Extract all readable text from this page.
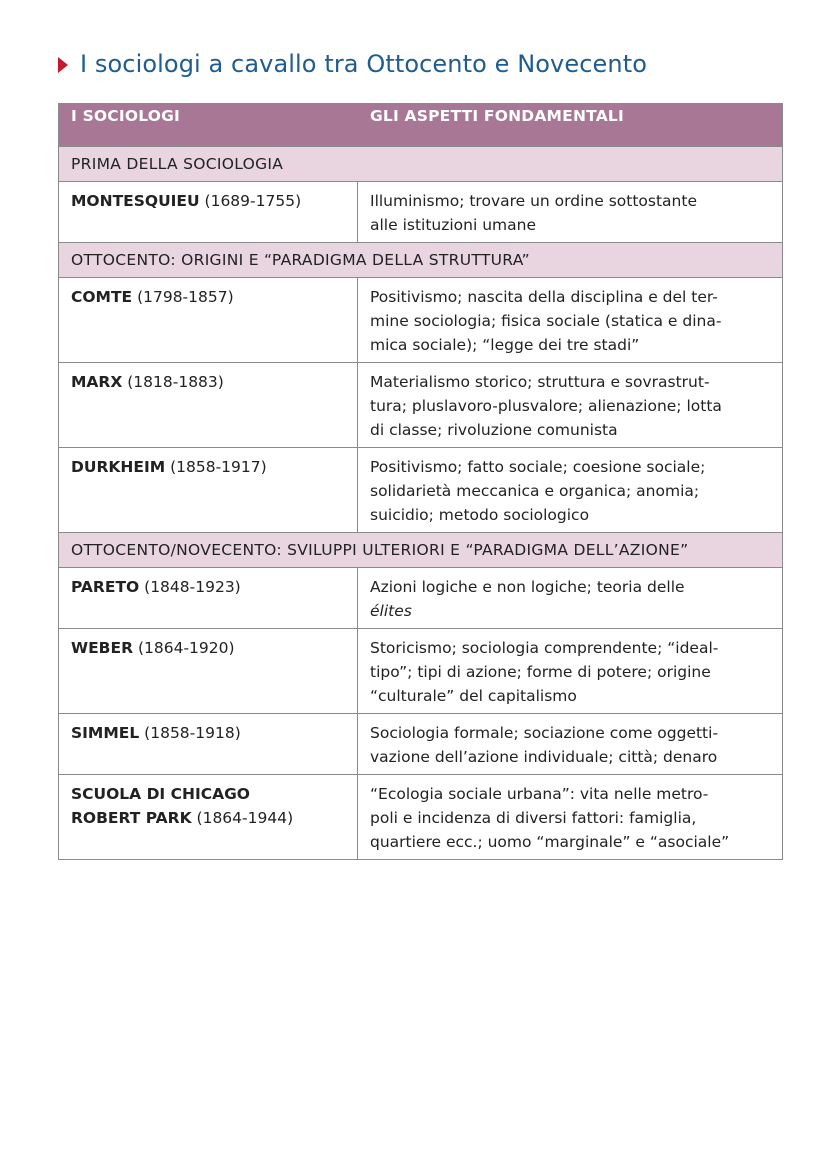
I sociologi a cavallo tra Ottocento e Novecento
I SOCIOLOGI	GLI ASPETTI FONDAMENTALI
PRIMA DELLA SOCIOLOGIA	

MONTESQUIEU (1689-1755)	Illuminismo; trovare un ordine sottostante
alle istituzioni umane

OTTOCENTO: ORIGINI E “PARADIGMA DELLA STRUTTURA”	

COMTE (1798-1857)	Positivismo; nascita della disciplina e del ter-
mine sociologia; fisica sociale (statica e dina-
mica sociale); “legge dei tre stadi”

MARX (1818-1883)	Materialismo storico; struttura e sovrastrut-
tura; pluslavoro-plusvalore; alienazione; lotta
di classe; rivoluzione comunista

DURKHEIM (1858-1917)	Positivismo; fatto sociale; coesione sociale;
solidarietà meccanica e organica; anomia;
suicidio; metodo sociologico

OTTOCENTO/NOVECENTO: SVILUPPI ULTERIORI E “PARADIGMA DELL’AZIONE”	

PARETO (1848-1923)	Azioni logiche e non logiche; teoria delle
élites

WEBER (1864-1920)	Storicismo; sociologia comprendente; “ideal-
tipo”; tipi di azione; forme di potere; origine
“culturale” del capitalismo

SIMMEL (1858-1918)	Sociologia formale; sociazione come oggetti-
vazione dell’azione individuale; città; denaro

SCUOLA DI CHICAGO
ROBERT PARK (1864-1944)	“Ecologia sociale urbana”: vita nelle metro-
poli e incidenza di diversi fattori: famiglia,
quartiere ecc.; uomo “marginale” e “asociale”
